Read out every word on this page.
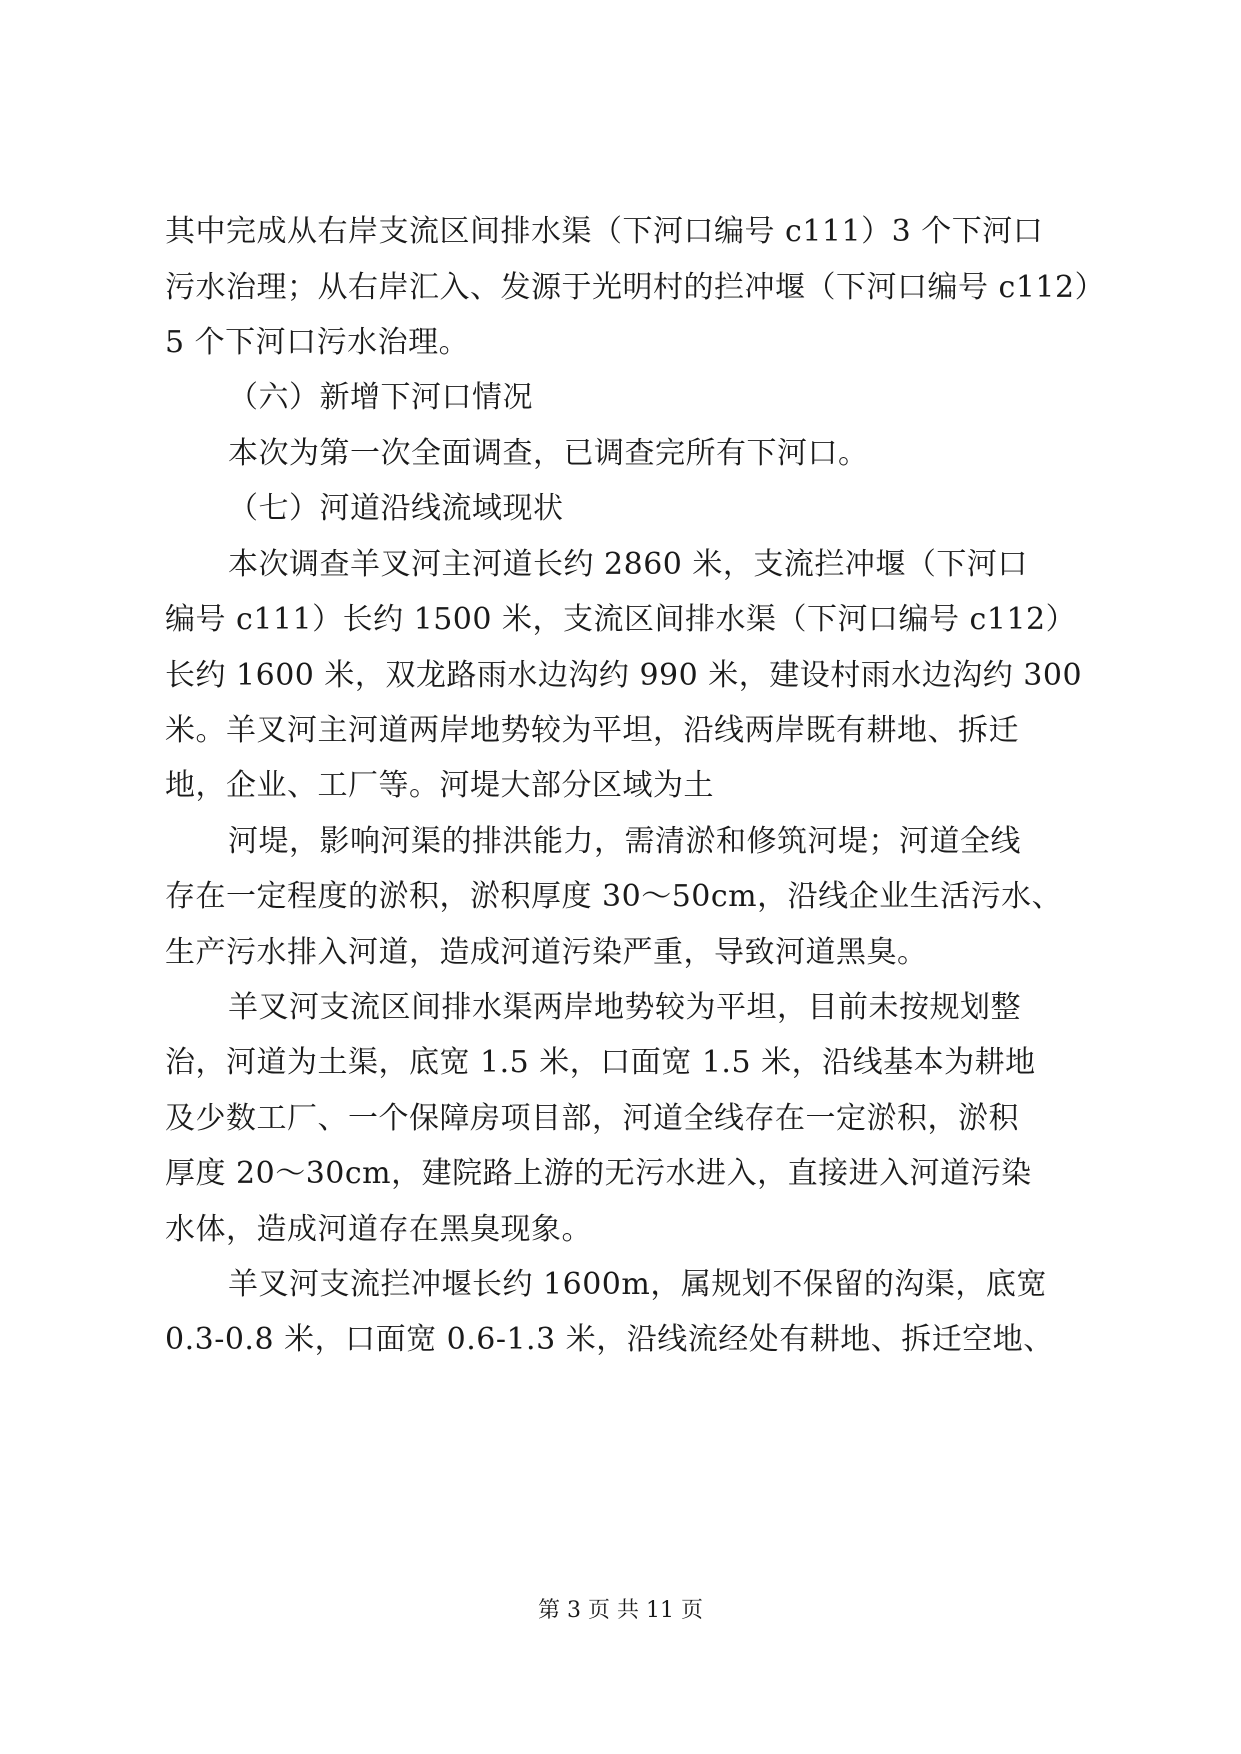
其中完成从右岸支流区间排水渠（下河口编号 c111）3 个下河口
污水治理；从右岸汇入、发源于光明村的拦冲堰（下河口编号 c112）
5 个下河口污水治理。
（六）新增下河口情况
本次为第一次全面调查，已调查完所有下河口。
（七）河道沿线流域现状
本次调查羊叉河主河道长约 2860 米，支流拦冲堰（下河口
编号 c111）长约 1500 米，支流区间排水渠（下河口编号 c112）
长约 1600 米，双龙路雨水边沟约 990 米，建设村雨水边沟约 300
米。羊叉河主河道两岸地势较为平坦，沿线两岸既有耕地、拆迁
地，企业、工厂等。河堤大部分区域为土
河堤，影响河渠的排洪能力，需清淤和修筑河堤；河道全线
存在一定程度的淤积，淤积厚度 30～50cm，沿线企业生活污水、
生产污水排入河道，造成河道污染严重，导致河道黑臭。
羊叉河支流区间排水渠两岸地势较为平坦，目前未按规划整
治，河道为土渠，底宽 1.5 米，口面宽 1.5 米，沿线基本为耕地
及少数工厂、一个保障房项目部，河道全线存在一定淤积，淤积
厚度 20～30cm，建院路上游的无污水进入，直接进入河道污染
水体，造成河道存在黑臭现象。
羊叉河支流拦冲堰长约 1600m，属规划不保留的沟渠，底宽
0.3-0.8 米，口面宽 0.6-1.3 米，沿线流经处有耕地、拆迁空地、
第 3 页 共 11 页
